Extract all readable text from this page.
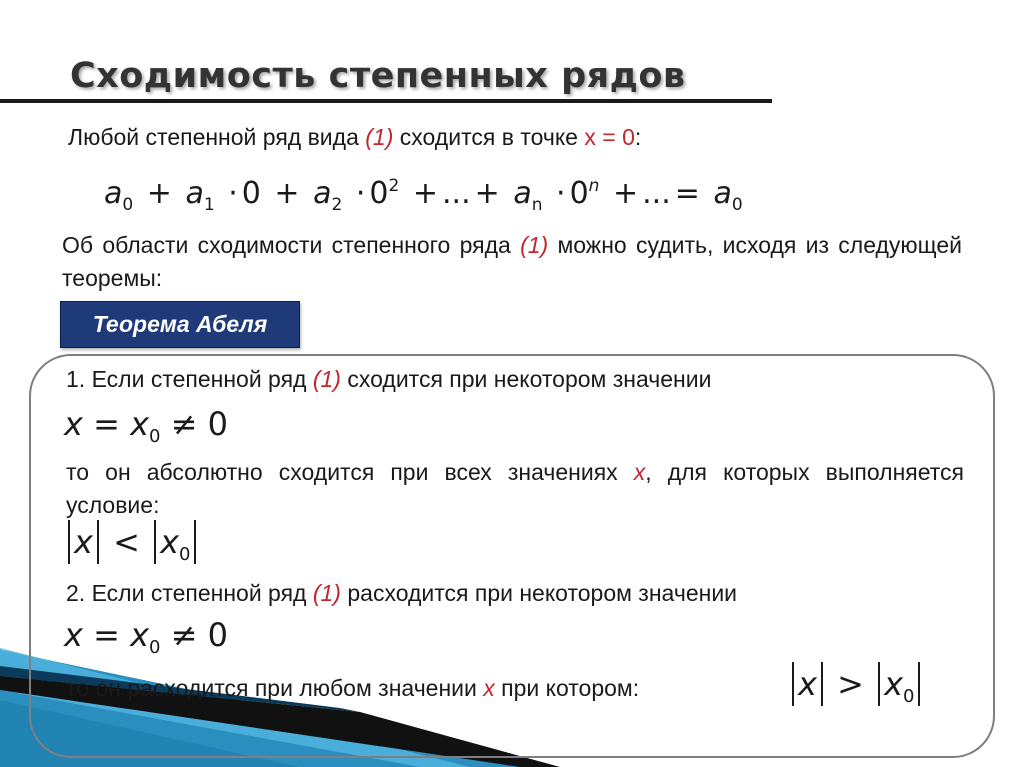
Сходимость степенных рядов
Любой степенной ряд вида (1) сходится в точке x = 0:
$a_0 + a_1 \cdot 0 + a_2 \cdot 0^2$ + ... + $a_n \cdot 0^n$ + ... = $a_0$
Об области сходимости степенного ряда (1) можно судить, исходя из следующей теоремы:
Теорема Абеля
1. Если степенной ряд (1) сходится при некотором значении
$x = x_0 \ne 0$
то он абсолютно сходится при всех значениях x, для которых выполняется условие:
$x < x_0$
2. Если степенной ряд (1) расходится при некотором значении
$x = x_0 \ne 0$
то он расходится при любом значении x при котором:	$x > x_0$
